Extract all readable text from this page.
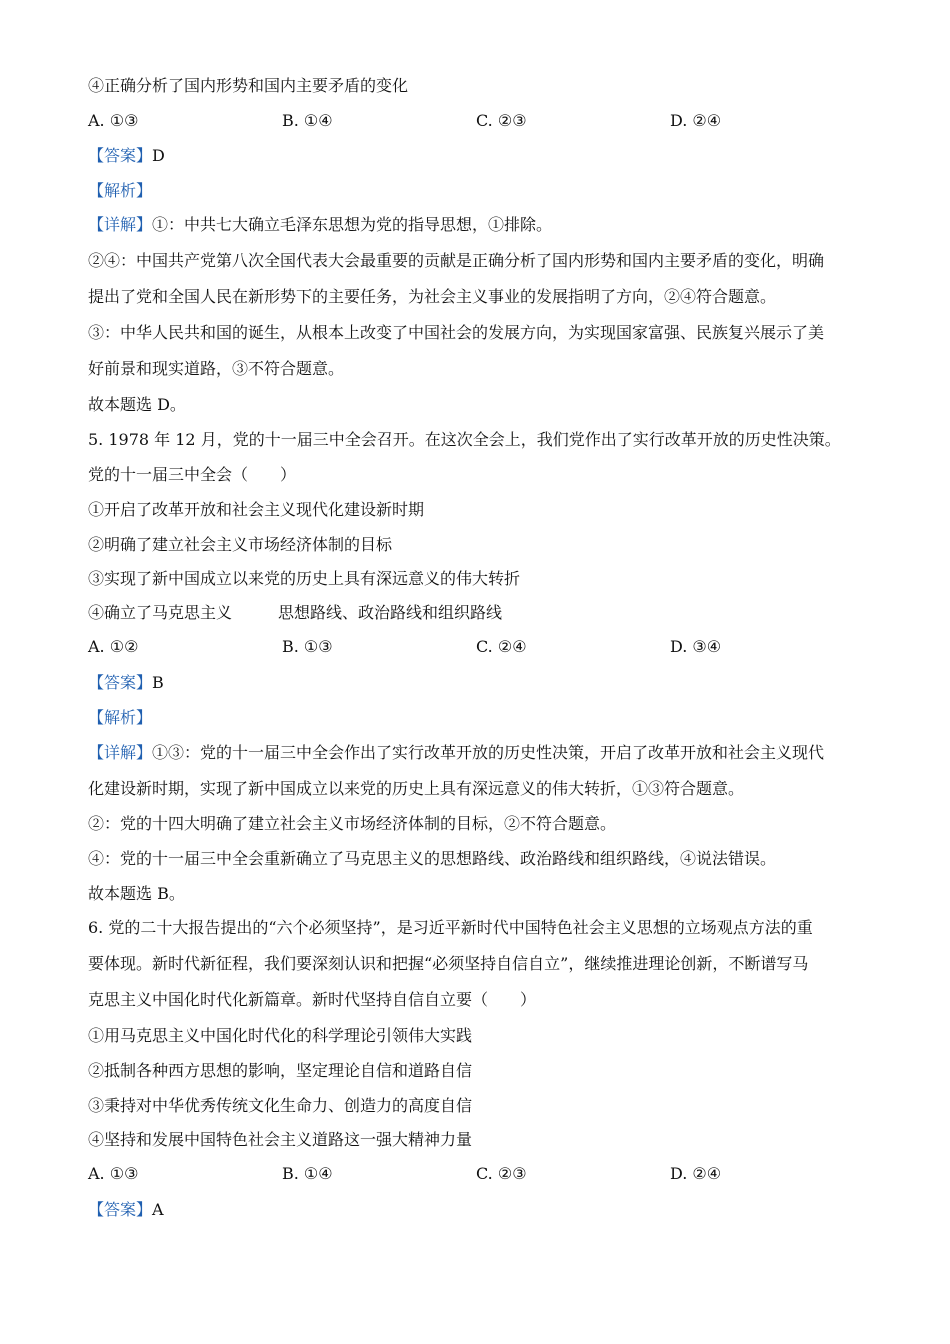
④正确分析了国内形势和国内主要矛盾的变化
A. ①③	B. ①④	C. ②③	D. ②④
【答案】D
【解析】
【详解】①：中共七大确立毛泽东思想为党的指导思想，①排除。
②④：中国共产党第八次全国代表大会最重要的贡献是正确分析了国内形势和国内主要矛盾的变化，明确
提出了党和全国人民在新形势下的主要任务，为社会主义事业的发展指明了方向，②④符合题意。
③：中华人民共和国的诞生，从根本上改变了中国社会的发展方向，为实现国家富强、民族复兴展示了美
好前景和现实道路，③不符合题意。
故本题选 D。
5. 1978 年 12 月，党的十一届三中全会召开。在这次全会上，我们党作出了实行改革开放的历史性决策。
党的十一届三中全会（　　）
①开启了改革开放和社会主义现代化建设新时期
②明确了建立社会主义市场经济体制的目标
③实现了新中国成立以来党的历史上具有深远意义的伟大转折
④确立了马克思主义	思想路线、政治路线和组织路线
A. ①②	B. ①③	C. ②④	D. ③④
【答案】B
【解析】
【详解】①③：党的十一届三中全会作出了实行改革开放的历史性决策，开启了改革开放和社会主义现代
化建设新时期，实现了新中国成立以来党的历史上具有深远意义的伟大转折，①③符合题意。
②：党的十四大明确了建立社会主义市场经济体制的目标，②不符合题意。
④：党的十一届三中全会重新确立了马克思主义的思想路线、政治路线和组织路线，④说法错误。
故本题选 B。
6. 党的二十大报告提出的“六个必须坚持”，是习近平新时代中国特色社会主义思想的立场观点方法的重
要体现。新时代新征程，我们要深刻认识和把握“必须坚持自信自立”，继续推进理论创新，不断谱写马
克思主义中国化时代化新篇章。新时代坚持自信自立要（　　）
①用马克思主义中国化时代化的科学理论引领伟大实践
②抵制各种西方思想的影响，坚定理论自信和道路自信
③秉持对中华优秀传统文化生命力、创造力的高度自信
④坚持和发展中国特色社会主义道路这一强大精神力量
A. ①③	B. ①④	C. ②③	D. ②④
【答案】A
